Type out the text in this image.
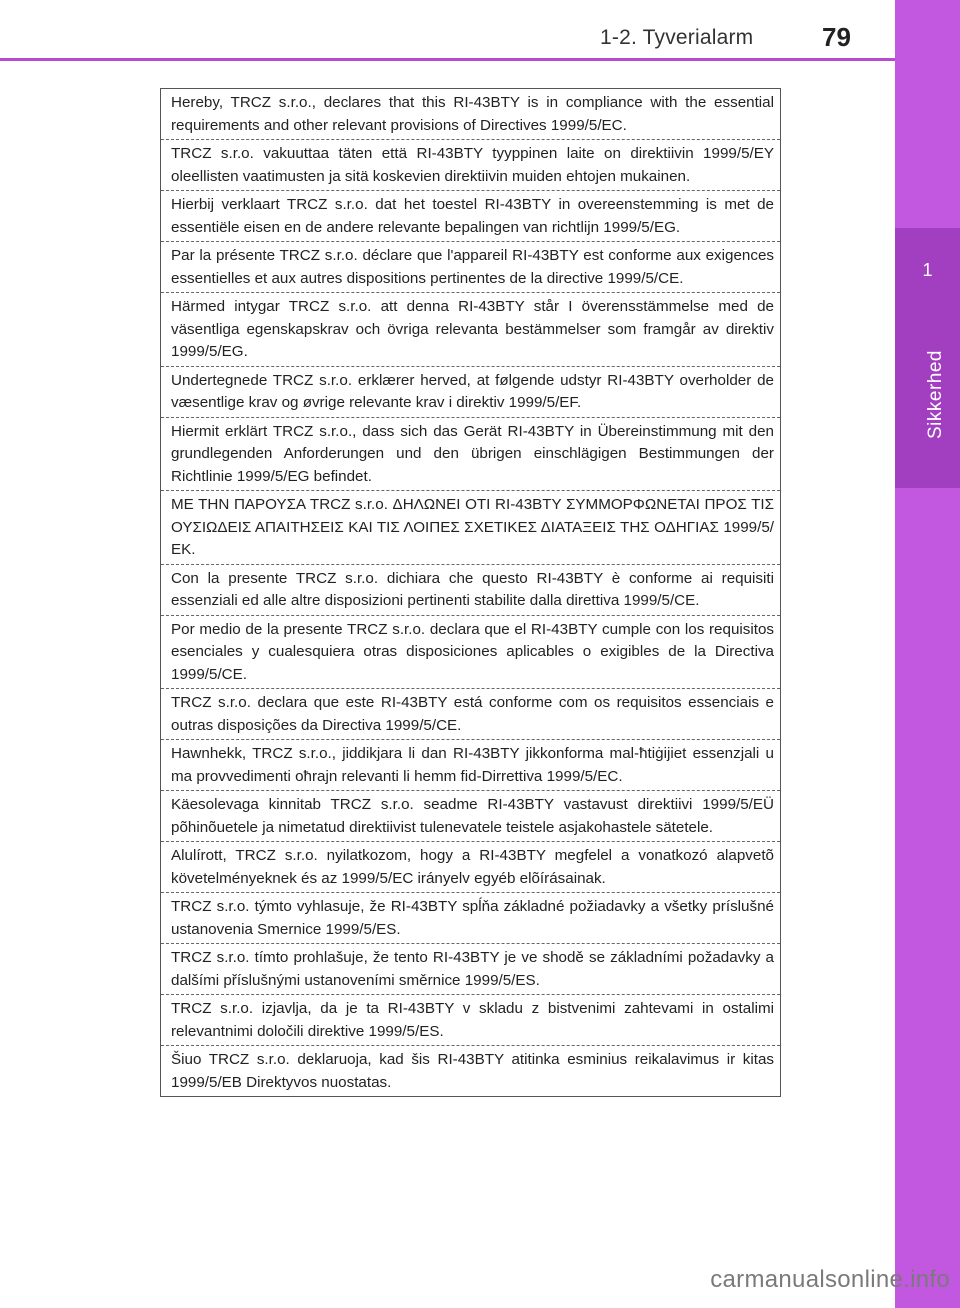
1
Sikkerhed
1-2. Tyverialarm	79
Hereby, TRCZ s.r.o., declares that this RI-43BTY is in compliance with the essential requirements and other relevant provisions of Directives 1999/5/EC.
TRCZ s.r.o. vakuuttaa täten että RI-43BTY tyyppinen laite on direktiivin 1999/5/EY oleellisten vaatimusten ja sitä koskevien direktiivin muiden ehtojen mukainen.
Hierbij verklaart TRCZ s.r.o. dat het toestel RI-43BTY in overeenstemming is met de essentiële eisen en de andere relevante bepalingen van richtlijn 1999/5/EG.
Par la présente TRCZ s.r.o. déclare que l'appareil RI-43BTY est conforme aux exigences essentielles et aux autres dispositions pertinentes de la directive 1999/5/CE.
Härmed intygar TRCZ s.r.o. att denna RI-43BTY står I överensstämmelse med de väsentliga egenskapskrav och övriga relevanta bestämmelser som framgår av direktiv 1999/5/EG.
Undertegnede TRCZ s.r.o. erklærer herved, at følgende udstyr RI-43BTY overholder de væsentlige krav og øvrige relevante krav i direktiv 1999/5/EF.
Hiermit erklärt TRCZ s.r.o., dass sich das Gerät RI-43BTY in Übereinstimmung mit den grundlegenden Anforderungen und den übrigen einschlägigen Bestimmungen der Richtlinie 1999/5/EG befindet.
ΜΕ ΤΗΝ ΠΑΡΟΥΣΑ TRCZ s.r.o. ΔΗΛΩΝΕΙ ΟΤΙ RI-43BTY ΣΥΜΜΟΡΦΩΝΕΤΑΙ ΠΡΟΣ ΤΙΣ ΟΥΣΙΩΔΕΙΣ ΑΠΑΙΤΗΣΕΙΣ ΚΑΙ ΤΙΣ ΛΟΙΠΕΣ ΣΧΕΤΙΚΕΣ ΔΙΑΤΑΞΕΙΣ ΤΗΣ ΟΔΗΓΙΑΣ 1999/5/ΕΚ.
Con la presente TRCZ s.r.o. dichiara che questo RI-43BTY è conforme ai requisiti essenziali ed alle altre disposizioni pertinenti stabilite dalla direttiva 1999/5/CE.
Por medio de la presente TRCZ s.r.o. declara que el RI-43BTY cumple con los requisitos esenciales y cualesquiera otras disposiciones aplicables o exigibles de la Directiva 1999/5/CE.
TRCZ s.r.o. declara que este RI-43BTY está conforme com os requisitos essenciais e outras disposições da Directiva 1999/5/CE.
Hawnhekk, TRCZ s.r.o., jiddikjara li dan RI-43BTY jikkonforma mal-ħtiġijiet essenzjali u ma provvedimenti oħrajn relevanti li hemm fid-Dirrettiva 1999/5/EC.
Käesolevaga kinnitab TRCZ s.r.o. seadme RI-43BTY vastavust direktiivi 1999/5/EÜ põhinõuetele ja nimetatud direktiivist tulenevatele teistele asjakohastele sätetele.
Alulírott, TRCZ s.r.o. nyilatkozom, hogy a RI-43BTY megfelel a vonatkozó alapvetõ követelményeknek és az 1999/5/EC irányelv egyéb elõírásainak.
TRCZ s.r.o. týmto vyhlasuje, že RI-43BTY spĺňa základné požiadavky a všetky príslušné ustanovenia Smernice 1999/5/ES.
TRCZ s.r.o. tímto prohlašuje, že tento RI-43BTY je ve shodě se základními požadavky a dalšími příslušnými ustanoveními směrnice 1999/5/ES.
TRCZ s.r.o. izjavlja, da je ta RI-43BTY v skladu z bistvenimi zahtevami in ostalimi relevantnimi določili direktive 1999/5/ES.
Šiuo TRCZ s.r.o. deklaruoja, kad šis RI-43BTY atitinka esminius reikalavimus ir kitas 1999/5/EB Direktyvos nuostatas.
carmanualsonline.info
